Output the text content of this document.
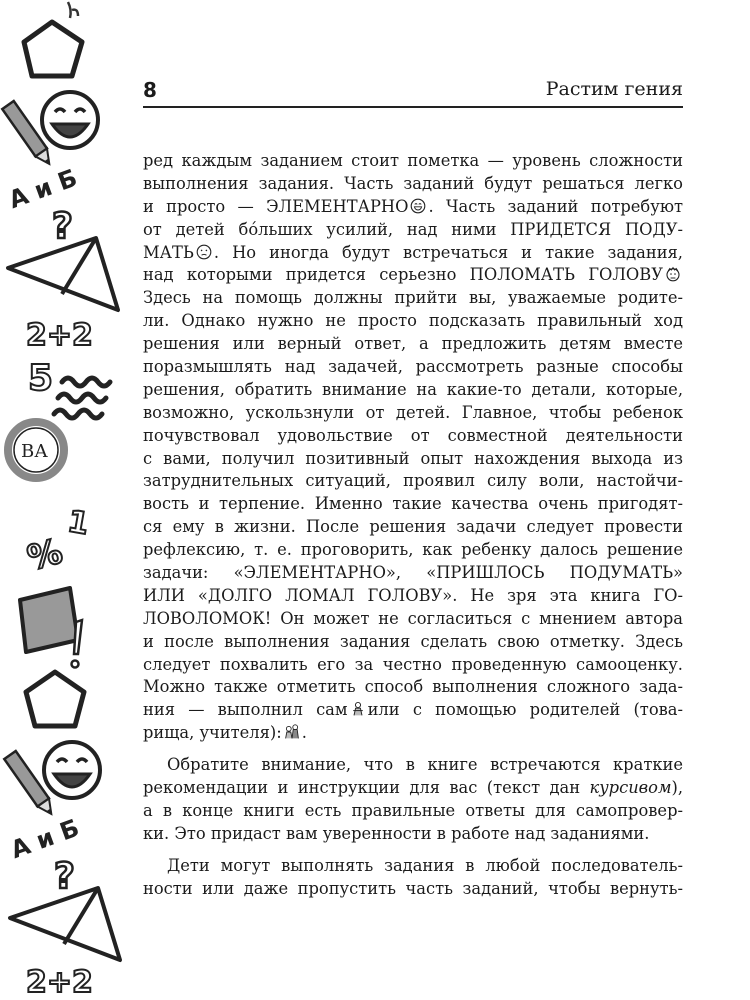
А и Б
?
2+2
5
ВА
%
1
А и Б
?
2+2
8	Растим гения
ред каждым заданием стоит пометка — уровень сложности
выполнения задания. Часть заданий будут решаться легко
и просто — ЭЛЕМЕНТАРНО . Часть заданий потребуют
от детей бóльших усилий, над ними ПРИДЕТСЯ ПОДУ-
МАТЬ . Но иногда будут встречаться и такие задания,
над которыми придется серьезно ПОЛОМАТЬ ГОЛОВУ
Здесь на помощь должны прийти вы, уважаемые родите-
ли. Однако нужно не просто подсказать правильный ход
решения или верный ответ, а предложить детям вместе
поразмышлять над задачей, рассмотреть разные способы
решения, обратить внимание на какие-то детали, которые,
возможно, ускользнули от детей. Главное, чтобы ребенок
почувствовал удовольствие от совместной деятельности
с вами, получил позитивный опыт нахождения выхода из
затруднительных ситуаций, проявил силу воли, настойчи-
вость и терпение. Именно такие качества очень пригодят-
ся ему в жизни. После решения задачи следует провести
рефлексию, т. е. проговорить, как ребенку далось решение
задачи: «ЭЛЕМЕНТАРНО», «ПРИШЛОСЬ ПОДУМАТЬ»
ИЛИ «ДОЛГО ЛОМАЛ ГОЛОВУ». Не зря эта книга ГО-
ЛОВОЛОМОК! Он может не согласиться с мнением автора
и после выполнения задания сделать свою отметку. Здесь
следует похвалить его за честно проведенную самооценку.
Можно также отметить способ выполнения сложного зада-
ния — выполнил сам или с помощью родителей (това-
рища, учителя): .
Обратите внимание, что в книге встречаются краткие
рекомендации и инструкции для вас (текст дан курсивом),
а в конце книги есть правильные ответы для самопровер-
ки. Это придаст вам уверенности в работе над заданиями.
Дети могут выполнять задания в любой последователь-
ности или даже пропустить часть заданий, чтобы вернуть-
